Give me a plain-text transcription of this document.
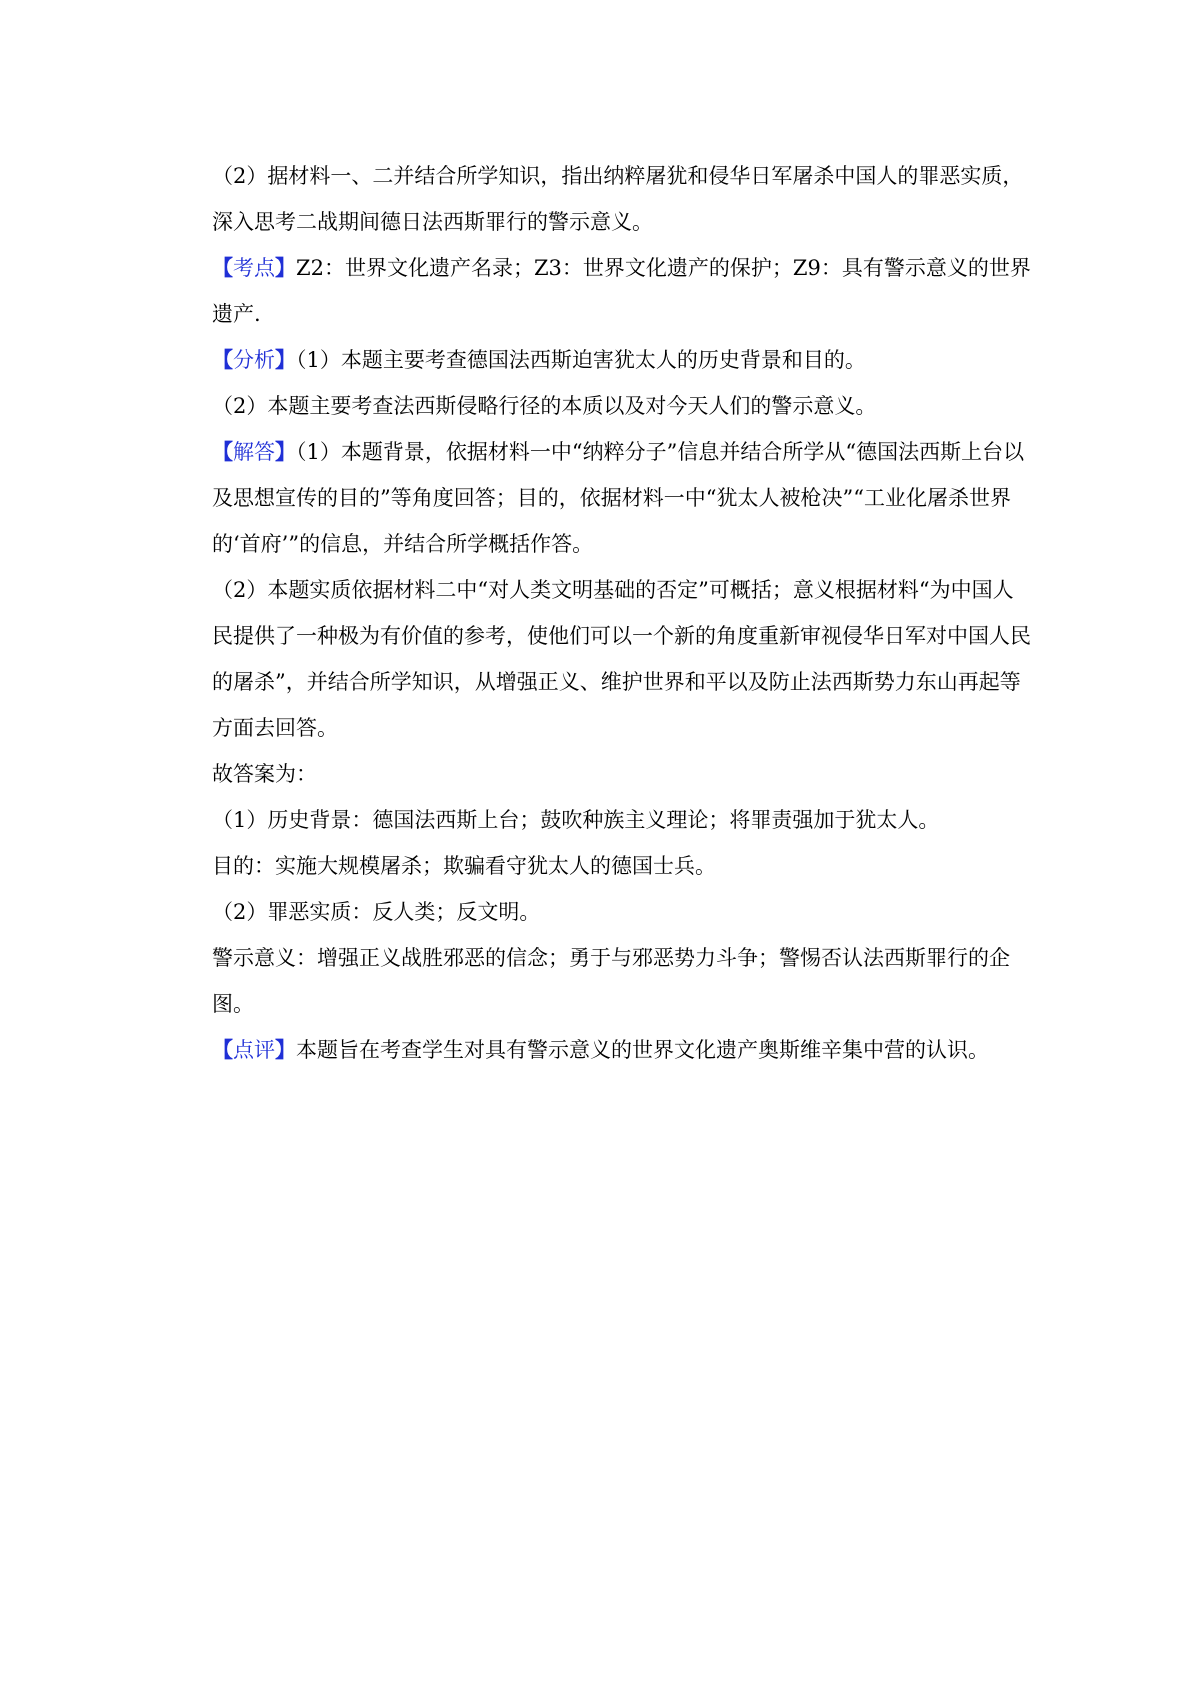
（2）据材料一、二并结合所学知识，指出纳粹屠犹和侵华日军屠杀中国人的罪恶实质，深入思考二战期间德日法西斯罪行的警示意义。

【考点】Z2：世界文化遗产名录；Z3：世界文化遗产的保护；Z9：具有警示意义的世界遗产.

【分析】（1）本题主要考查德国法西斯迫害犹太人的历史背景和目的。

（2）本题主要考查法西斯侵略行径的本质以及对今天人们的警示意义。

【解答】（1）本题背景，依据材料一中“纳粹分子”信息并结合所学从“德国法西斯上台以及思想宣传的目的”等角度回答；目的，依据材料一中“犹太人被枪决”“工业化屠杀世界的‘首府’”的信息，并结合所学概括作答。

（2）本题实质依据材料二中“对人类文明基础的否定”可概括；意义根据材料“为中国人民提供了一种极为有价值的参考，使他们可以一个新的角度重新审视侵华日军对中国人民的屠杀”，并结合所学知识，从增强正义、维护世界和平以及防止法西斯势力东山再起等方面去回答。

故答案为：

（1）历史背景：德国法西斯上台；鼓吹种族主义理论；将罪责强加于犹太人。

目的：实施大规模屠杀；欺骗看守犹太人的德国士兵。

（2）罪恶实质：反人类；反文明。

警示意义：增强正义战胜邪恶的信念；勇于与邪恶势力斗争；警惕否认法西斯罪行的企图。

【点评】本题旨在考查学生对具有警示意义的世界文化遗产奥斯维辛集中营的认识。
